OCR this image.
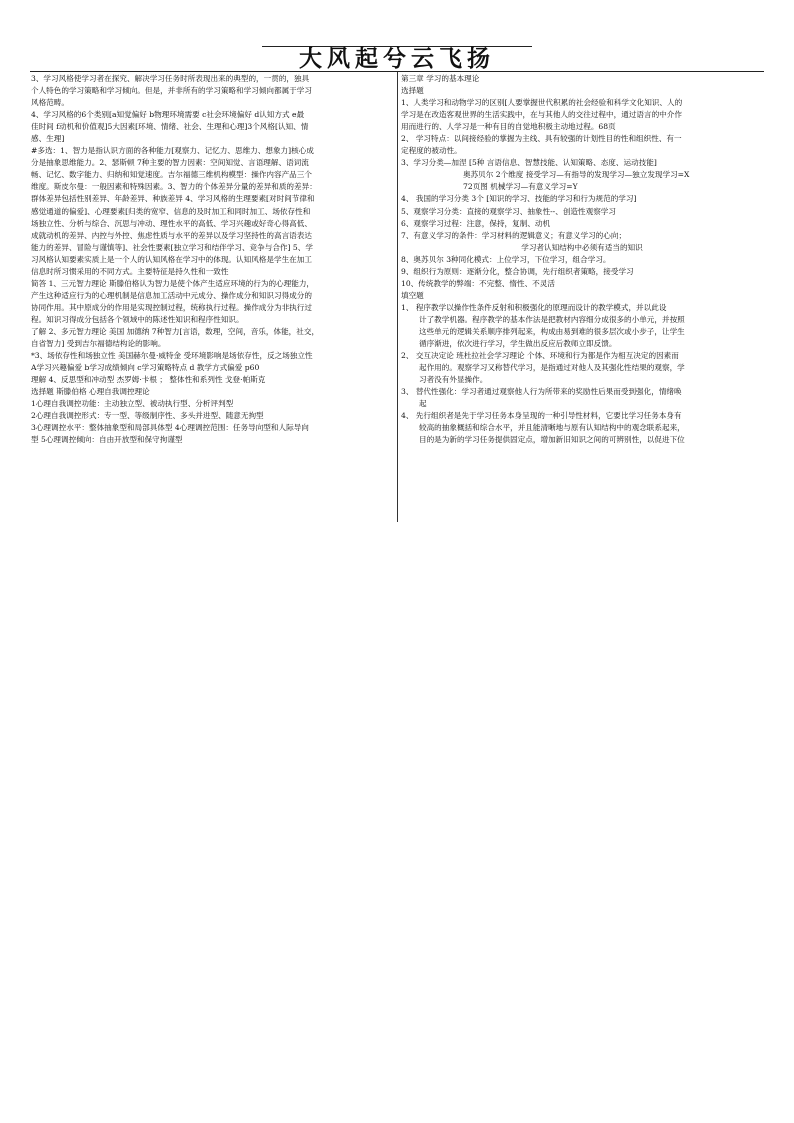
大风起兮云飞扬
3、学习风格使学习者在探究、解决学习任务时所表现出来的典型的，一贯的，独具
个人特色的学习策略和学习倾向。但是，并非所有的学习策略和学习倾向都属于学习
风格范畴。
4、学习风格的6个类别[a知觉偏好 b物理环境需要 c社会环境偏好 d认知方式 e最
佳时间 f动机和价值观]5大因素[环境、情绪、社会、生理和心理]3个风格[认知、情
感、生理]
#多选：1、智力是指认识方面的各种能力[观察力、记忆力、思维力、想象力]核心成
分是抽象思维能力。2、瑟斯顿 7种主要的智力因素：空间知觉、言语理解、语词流
畅、记忆、数字能力、归纳和知觉速度。吉尔福德三维机构模型：操作内容产品三个
维度。斯皮尔曼：一般因素和特殊因素。3、智力的个体差异分量的差异和质的差异：
群体差异包括性别差异、年龄差异、种族差异 4、学习风格的生理要素[对时间节律和
感觉通道的偏爱]、心理要素[归类的宽窄、信息的及时加工和同时加工、场依存性和
场独立性、分析与综合、沉思与冲动、理性水平的高低、学习兴趣或好奇心得高低、
成就动机的差异、内控与外控、焦虑性质与水平的差异以及学习坚持性的高言语表达
能力的差异、冒险与谨慎等]、社会性要素[独立学习和结伴学习、竞争与合作] 5、学
习风格认知要素实质上是一个人的认知风格在学习中的体现。认知风格是学生在加工
信息时所习惯采用的不同方式。主要特征是持久性和一致性
简答 1、三元智力理论 斯滕伯格认为智力是使个体产生适应环境的行为的心理能力，
产生这种适应行为的心理机制是信息加工活动中元成分、操作成分和知识习得成分的
协同作用。其中原成分的作用是实现控制过程，统称执行过程。操作成分为非执行过
程。知识习得成分包括各个领域中的陈述性知识和程序性知识。
了解 2、多元智力理论 美国 加德纳 7种智力[言语，数理，空间，音乐，体能，社交，
自省智力] 受到吉尔福德结构论的影响。
*3、场依存性和场独立性 美国赫尔曼·威特金 受环境影响是场依存性，反之场独立性
A学习兴趣偏爱 b学习成绩倾向 c学习策略特点 d 教学方式偏爱 p60
理解 4、反思型和冲动型 杰罗姆·卡根 ； 整体性和系列性 戈登·帕斯克
选择题 斯滕伯格 心理自我调控理论
1心理自我调控功能：主动独立型、被动执行型、分析评判型
2心理自我调控形式：专一型、等级制序性、多头并进型、随意无拘型
3心理调控水平：整体抽象型和局部具体型 4心理调控范围：任务导向型和人际导向
型 5心理调控倾向：自由开放型和保守拘谨型
第三章 学习的基本理论
选择题
1、人类学习和动物学习的区别[人要掌握世代积累的社会经验和科学文化知识、人的
学习是在改造客观世界的生活实践中，在与其他人的交往过程中，通过语言的中介作
用而进行的、人学习是一种有目的自觉地积极主动地过程。68页
2、 学习特点：以间接经验的掌握为主线、具有较强的计划性目的性和组织性、有一
定程度的被动性。
3、学习分类—加涅 [5种 言语信息、智慧技能、认知策略、态度、运动技能]
奥苏贝尔 2个维度 接受学习—有指导的发现学习—独立发现学习=X
72页图 机械学习—有意义学习=Y
4、 我国的学习分类 3个 [知识的学习、技能的学习和行为规范的学习]
5、观察学习分类：直接的观察学习、抽象性--、创造性观察学习
6、观察学习过程：注意，保持，复制、动机
7、有意义学习的条件：学习材料的逻辑意义；有意义学习的心向；
学习者认知结构中必须有适当的知识
8、奥苏贝尔 3种同化模式：上位学习，下位学习，组合学习。
9、组织行为原则：逐渐分化，整合协调，先行组织者策略，接受学习
10、传统教学的弊端：不完整、惰性、不灵活
填空题
1、 程序教学以操作性条件反射和积极强化的原理而设计的教学模式，并以此设
计了教学机器。程序教学的基本作法是把教材内容细分成很多的小单元，并按照
这些单元的逻辑关系顺序排列起来，构成由易到难的很多层次或小步子，让学生
循序渐进，依次进行学习，学生做出反应后教师立即反馈。
2、 交互决定论 班杜拉社会学习理论 个体、环境和行为都是作为相互决定的因素而
起作用的。观察学习又称替代学习，是指通过对他人及其强化性结果的观察，学
习者没有外显操作。
3、 替代性强化：学习者通过观察他人行为所带来的奖励性后果而受到强化，情绪唤
起
4、 先行组织者是先于学习任务本身呈现的一种引导性材料，它要比学习任务本身有
较高的抽象概括和综合水平，并且能清晰地与原有认知结构中的观念联系起来，
目的是为新的学习任务提供固定点，增加新旧知识之间的可辨别性，以促进下位
